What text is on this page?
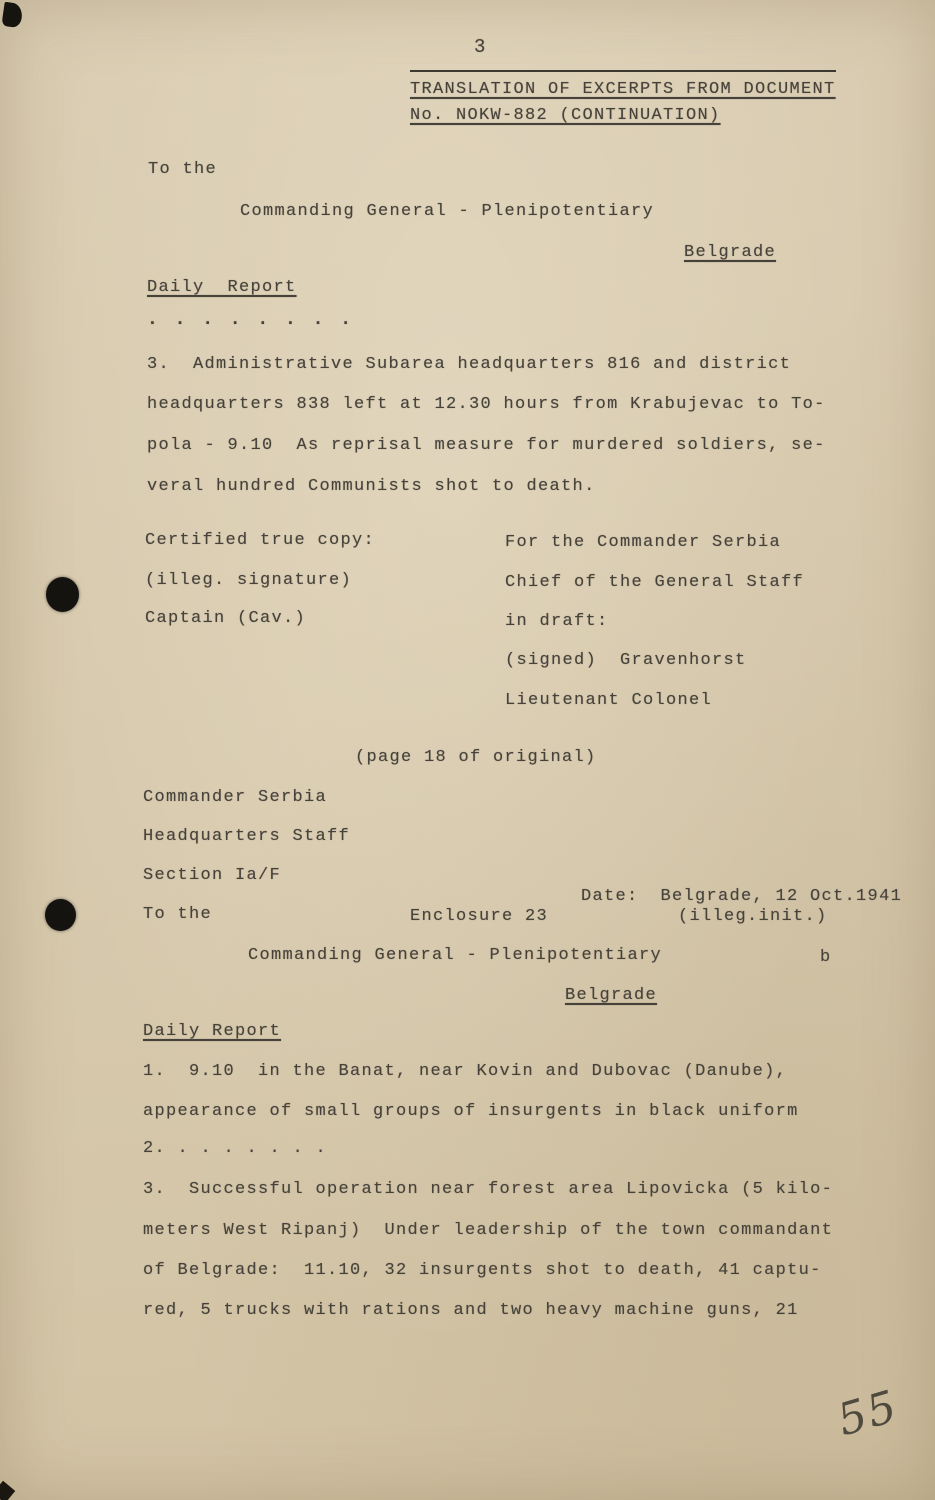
3
TRANSLATION OF EXCERPTS FROM DOCUMENT
No. NOKW-882 (CONTINUATION)
To the
Commanding General - Plenipotentiary
Belgrade
Daily  Report
. . . . . . . .
3.  Administrative Subarea headquarters 816 and district
headquarters 838 left at 12.30 hours from Krabujevac to To-
pola - 9.10  As reprisal measure for murdered soldiers, se-
veral hundred Communists shot to death.
Certified true copy:
(illeg. signature)
Captain (Cav.)
For the Commander Serbia
Chief of the General Staff
in draft:
(signed)  Gravenhorst
Lieutenant Colonel
(page 18 of original)
Commander Serbia
Headquarters Staff
Section Ia/F

Date: Belgrade, 12 Oct.1941

To the	Enclosure 23	(illeg.init.)
Commanding General - Plenipotentiary	b
Belgrade
Daily Report
1.  9.10  in the Banat, near Kovin and Dubovac (Danube),
appearance of small groups of insurgents in black uniform
2. . . . . . . .
3.  Successful operation near forest area Lipovicka (5 kilo-
meters West Ripanj)  Under leadership of the town commandant
of Belgrade:  11.10, 32 insurgents shot to death, 41 captu-
red, 5 trucks with rations and two heavy machine guns, 21
55
